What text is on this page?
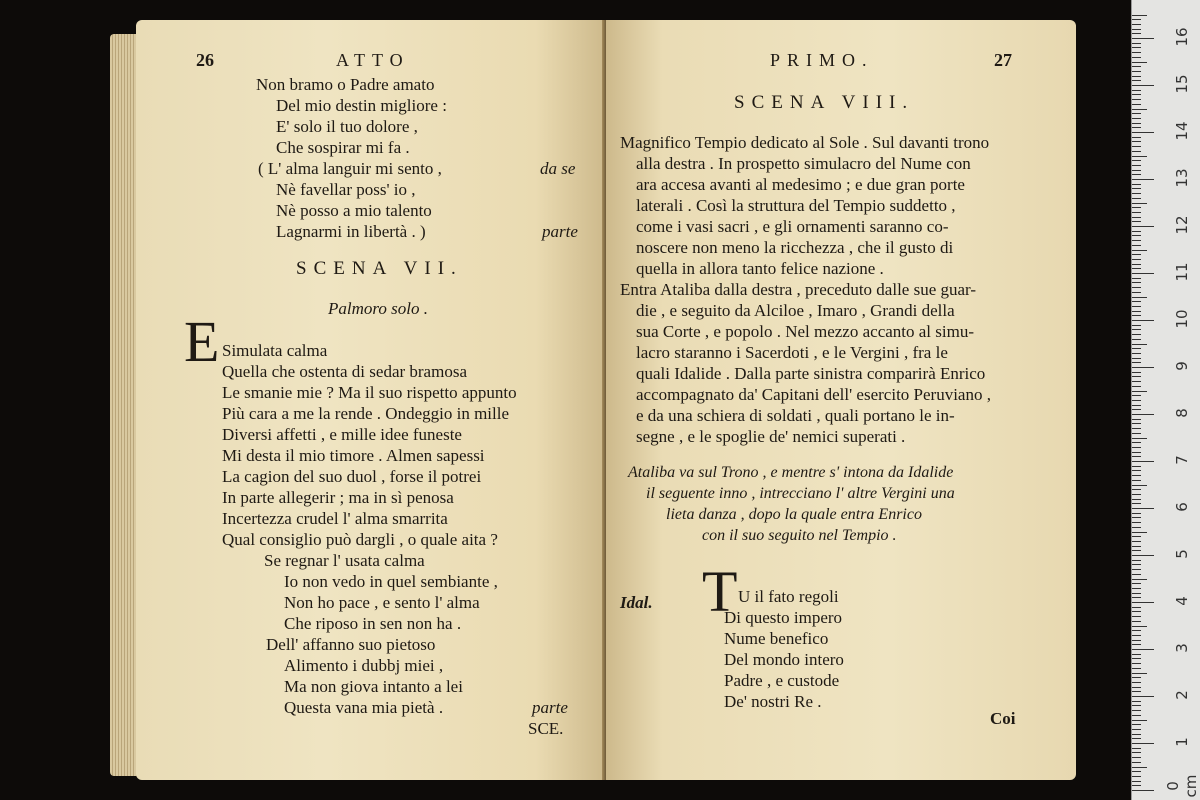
26	ATTO
Non bramo o Padre amato
Del mio destin migliore :
E' solo il tuo dolore ,
Che sospirar mi fa .
( L' alma languir mi sento ,	da se
Nè favellar poss' io ,
Nè posso a mio talento
Lagnarmi in libertà . )	parte
SCENA VII.
Palmoro solo .
E Simulata calma
Quella che ostenta di sedar bramosa
Le smanie mie ? Ma il suo rispetto appunto
Più cara a me la rende . Ondeggio in mille
Diversi affetti , e mille idee funeste
Mi desta il mio timore . Almen sapessi
La cagion del suo duol , forse il potrei
In parte allegerir ; ma in sì penosa
Incertezza crudel l' alma smarrita
Qual consiglio può dargli , o quale aita ?
Se regnar l' usata calma
Io non vedo in quel sembiante ,
Non ho pace , e sento l' alma
Che riposo in sen non ha .
Dell' affanno suo pietoso
Alimento i dubbj miei ,
Ma non giova intanto a lei
Questa vana mia pietà .	parte
SCE.
PRIMO.	27
SCENA VIII.
Magnifico Tempio dedicato al Sole . Sul davanti trono
alla destra . In prospetto simulacro del Nume con
ara accesa avanti al medesimo ; e due gran porte
laterali . Così la struttura del Tempio suddetto ,
come i vasi sacri , e gli ornamenti saranno co-
noscere non meno la ricchezza , che il gusto di
quella in allora tanto felice nazione .
Entra Ataliba dalla destra , preceduto dalle sue guar-
die , e seguito da Alciloe , Imaro , Grandi della
sua Corte , e popolo . Nel mezzo accanto al simu-
lacro staranno i Sacerdoti , e le Vergini , fra le
quali Idalide . Dalla parte sinistra comparirà Enrico
accompagnato da' Capitani dell' esercito Peruviano ,
e da una schiera di soldati , quali portano le in-
segne , e le spoglie de' nemici superati .
Ataliba va sul Trono , e mentre s' intona da Idalide
il seguente inno , intrecciano l' altre Vergini una
lieta danza , dopo la quale entra Enrico
con il suo seguito nel Tempio .
Idal. T U il fato regoli
Di questo impero
Nume benefico
Del mondo intero
Padre , e custode
De' nostri Re .
Coi
0 cm
1
2
3
4
5
6
7
8
9
10
11
12
13
14
15
16
